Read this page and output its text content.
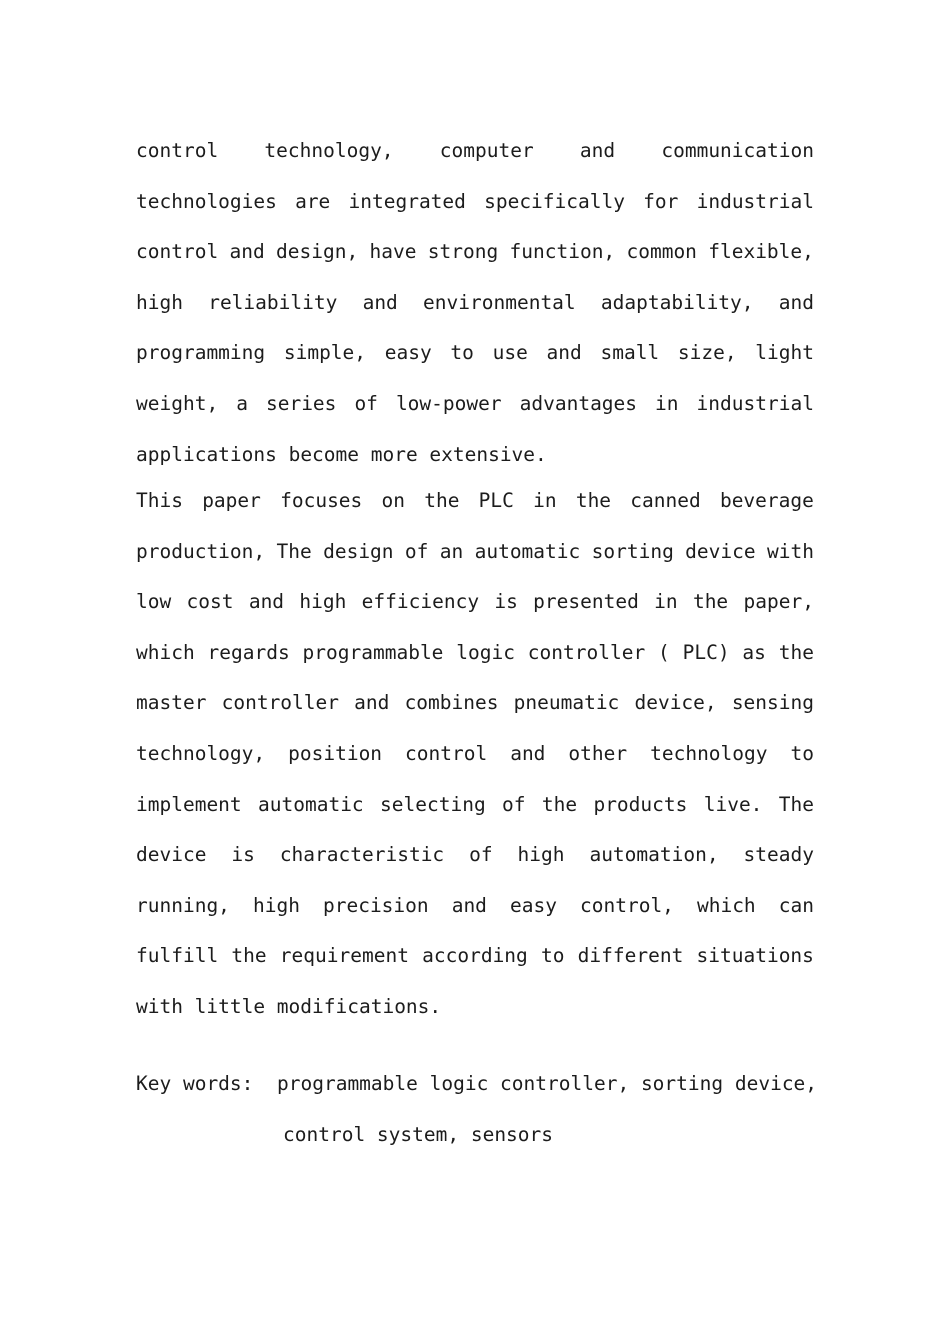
control technology, computer and communication
technologies are integrated specifically for industrial
control and design, have strong function, common flexible,
high reliability and environmental adaptability, and
programming simple, easy to use and small size, light
weight, a series of low-power advantages in industrial
applications become more extensive.
This paper focuses on the PLC in the canned beverage
production, The design of an automatic sorting device with
low cost and high efficiency is presented in the paper,
which regards programmable logic controller ( PLC) as the
master controller and combines pneumatic device, sensing
technology, position control and other technology to
implement automatic selecting of the products live. The
device is characteristic of high automation, steady
running, high precision and easy control, which can
fulfill the requirement according to different situations
with little modifications.
Key words: programmable logic controller, sorting device,
control system, sensors
